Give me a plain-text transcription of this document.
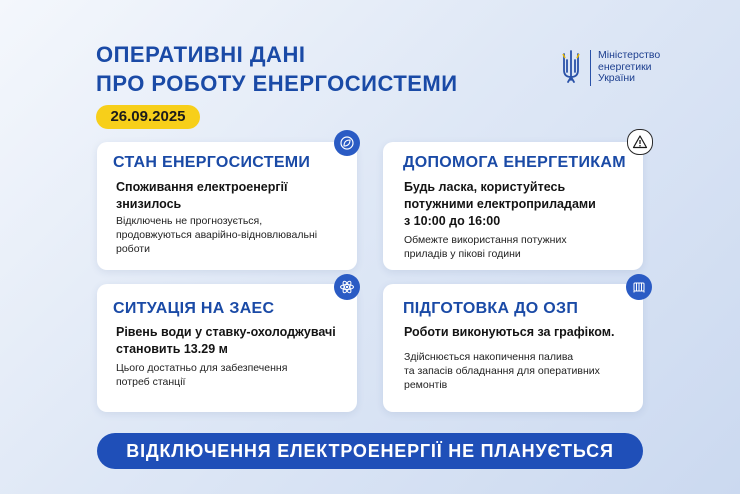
ОПЕРАТИВНІ ДАНІ
ПРО РОБОТУ ЕНЕРГОСИСТЕМИ
Міністерство
енергетики
України
26.09.2025
СТАН ЕНЕРГОСИСТЕМИ
Споживання електроенергії
знизилось
Відключень не прогнозується,
продовжуються аварійно-відновлювальні
роботи
ДОПОМОГА ЕНЕРГЕТИКАМ
Будь ласка, користуйтесь
потужними електроприладами
з 10:00 до 16:00
Обмежте використання потужних
приладів у пікові години
СИТУАЦІЯ НА ЗАЕС
Рівень води у ставку-охолоджувачі
становить 13.29 м
Цього достатньо для забезпечення
потреб станції
ПІДГОТОВКА ДО ОЗП
Роботи виконуються за графіком.
Здійснюється накопичення палива
та запасів обладнання для оперативних
ремонтів
ВІДКЛЮЧЕННЯ ЕЛЕКТРОЕНЕРГІЇ НЕ ПЛАНУЄТЬСЯ
